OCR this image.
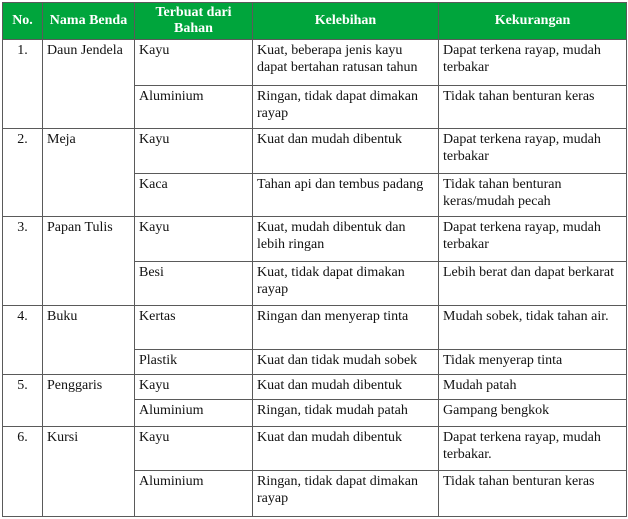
No.	Nama Benda	Terbuat dari Bahan	Kelebihan	Kekurangan
1.	Daun Jendela	Kayu	Kuat, beberapa jenis kayu dapat bertahan ratusan tahun	Dapat terkena rayap, mudah terbakar
		Aluminium	Ringan, tidak dapat dimakan rayap	Tidak tahan benturan keras
2.	Meja	Kayu	Kuat dan mudah dibentuk	Dapat terkena rayap, mudah terbakar
		Kaca	Tahan api dan tembus padang	Tidak tahan benturan keras/mudah pecah
3.	Papan Tulis	Kayu	Kuat, mudah dibentuk dan lebih ringan	Dapat terkena rayap, mudah terbakar
		Besi	Kuat, tidak dapat dimakan rayap	Lebih berat dan dapat berkarat
4.	Buku	Kertas	Ringan dan menyerap tinta	Mudah sobek, tidak tahan air.
		Plastik	Kuat dan tidak mudah sobek	Tidak menyerap tinta
5.	Penggaris	Kayu	Kuat dan mudah dibentuk	Mudah patah
		Aluminium	Ringan, tidak mudah patah	Gampang bengkok
6.	Kursi	Kayu	Kuat dan mudah dibentuk	Dapat terkena rayap, mudah terbakar.
		Aluminium	Ringan, tidak dapat dimakan rayap	Tidak tahan benturan keras
